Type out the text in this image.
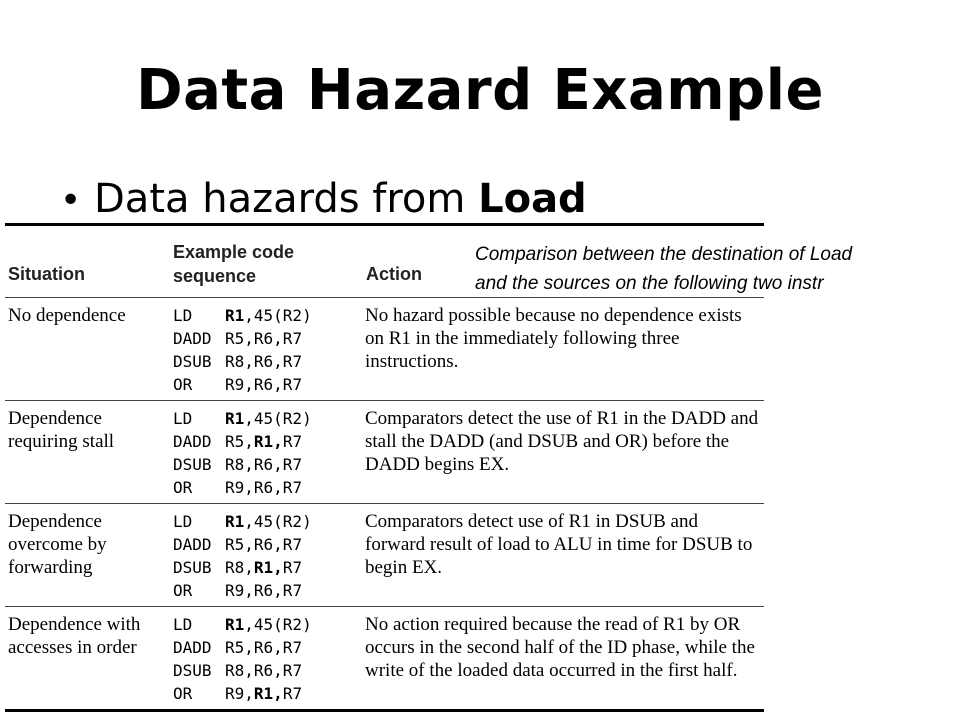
Data Hazard Example
• Data hazards from Load
Comparison between the destination of Load
and the sources on the following two instr
Situation
Example code
sequence	Action
No dependence	LD R1,45(R2)
DADD R5,R6,R7
DSUB R8,R6,R7
OR R9,R6,R7
No hazard possible because no dependence exists on R1 in the immediately following three instructions.
Dependence requiring stall
LD R1,45(R2)
DADD R5,R1,R7
DSUB R8,R6,R7
OR R9,R6,R7
Comparators detect the use of R1 in the DADD and stall the DADD (and DSUB and OR) before the DADD begins EX.
Dependence overcome by forwarding
LD R1,45(R2)
DADD R5,R6,R7
DSUB R8,R1,R7
OR R9,R6,R7
Comparators detect use of R1 in DSUB and forward result of load to ALU in time for DSUB to begin EX.
Dependence with accesses in order
LD R1,45(R2)
DADD R5,R6,R7
DSUB R8,R6,R7
OR R9,R1,R7
No action required because the read of R1 by OR occurs in the second half of the ID phase, while the write of the loaded data occurred in the first half.
